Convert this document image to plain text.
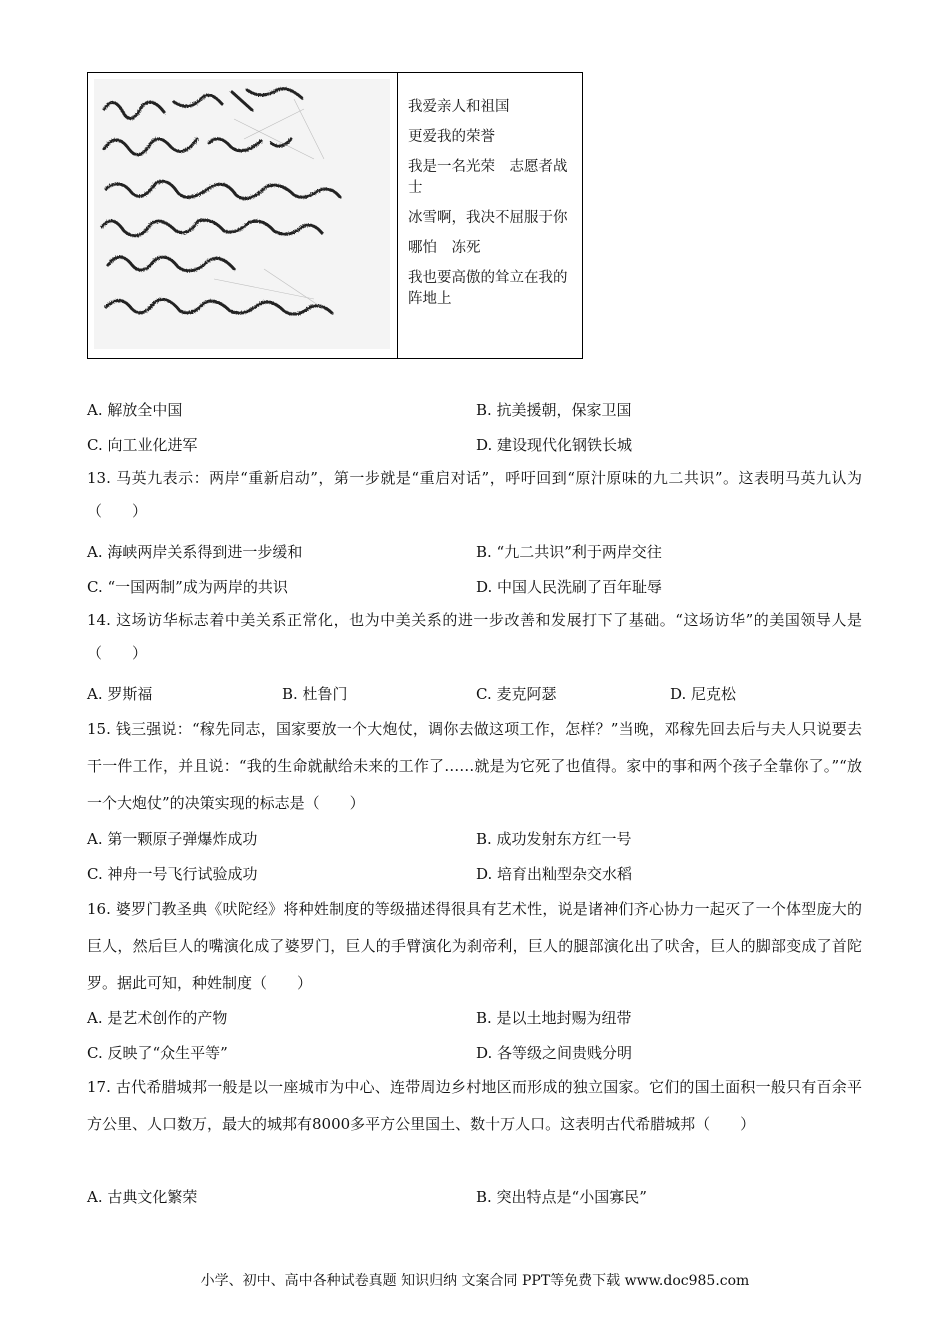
我爱亲人和祖国
更爱我的荣誉
我是一名光荣　志愿者战士
冰雪啊，我决不屈服于你
哪怕　冻死
我也要高傲的耸立在我的阵地上
A. 解放全中国	B. 抗美援朝，保家卫国
C. 向工业化进军	D. 建设现代化钢铁长城
13. 马英九表示：两岸“重新启动”，第一步就是“重启对话”，呼吁回到“原汁原味的九二共识”。这表明马英九认为（　　）
A. 海峡两岸关系得到进一步缓和	B. “九二共识”利于两岸交往
C. “一国两制”成为两岸的共识	D. 中国人民洗刷了百年耻辱
14. 这场访华标志着中美关系正常化，也为中美关系的进一步改善和发展打下了基础。“这场访华”的美国领导人是（　　）
A. 罗斯福	B. 杜鲁门	C. 麦克阿瑟	D. 尼克松
15. 钱三强说：“稼先同志，国家要放一个大炮仗，调你去做这项工作，怎样？”当晚，邓稼先回去后与夫人只说要去干一件工作，并且说：“我的生命就献给未来的工作了……就是为它死了也值得。家中的事和两个孩子全靠你了。”“放一个大炮仗”的决策实现的标志是（　　）
A. 第一颗原子弹爆炸成功	B. 成功发射东方红一号
C. 神舟一号飞行试验成功	D. 培育出籼型杂交水稻
16. 婆罗门教圣典《吠陀经》将种姓制度的等级描述得很具有艺术性，说是诸神们齐心协力一起灭了一个体型庞大的巨人，然后巨人的嘴演化成了婆罗门，巨人的手臂演化为刹帝利，巨人的腿部演化出了吠舍，巨人的脚部变成了首陀罗。据此可知，种姓制度（　　）
A. 是艺术创作的产物	B. 是以土地封赐为纽带
C. 反映了“众生平等”	D. 各等级之间贵贱分明
17. 古代希腊城邦一般是以一座城市为中心、连带周边乡村地区而形成的独立国家。它们的国土面积一般只有百余平方公里、人口数万，最大的城邦有8000多平方公里国土、数十万人口。这表明古代希腊城邦（　　）
A. 古典文化繁荣	B. 突出特点是“小国寡民”
小学、初中、高中各种试卷真题 知识归纳 文案合同 PPT等免费下载 www.doc985.com
